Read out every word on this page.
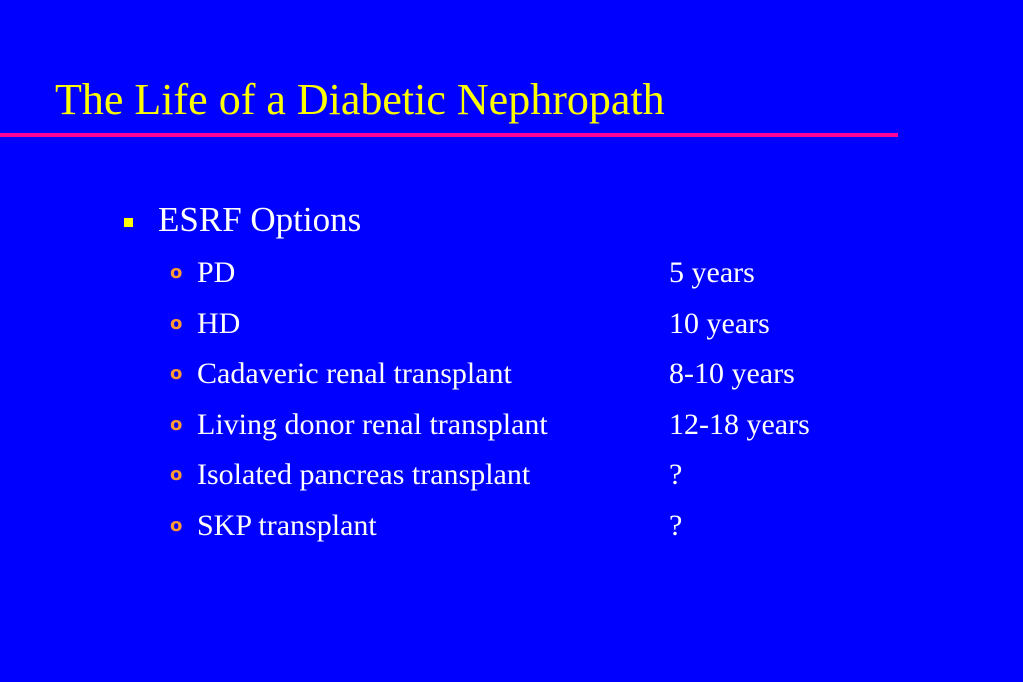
The Life of a Diabetic Nephropath
ESRF Options
o PD	5 years
o HD	10 years
o Cadaveric renal transplant	8-10 years
o Living donor renal transplant	12-18 years
o Isolated pancreas transplant	?
o SKP transplant	?
